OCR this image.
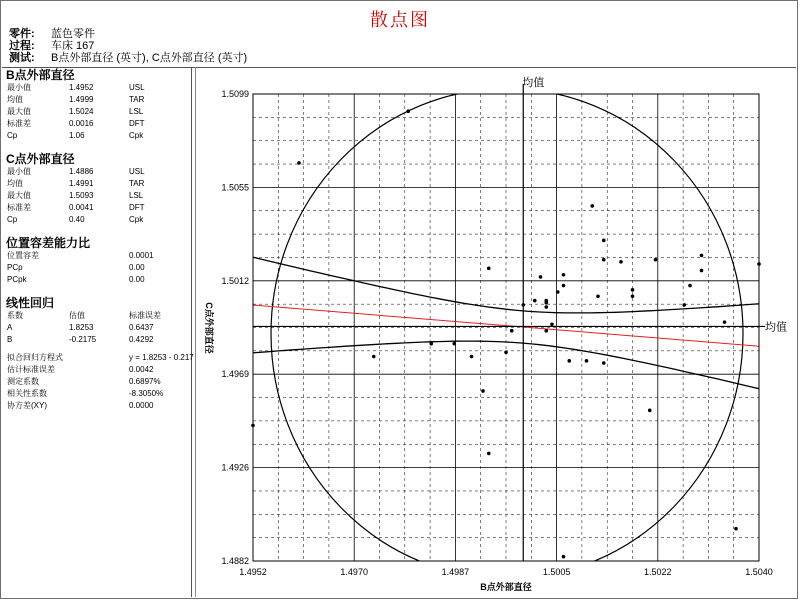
散点图
零件:	蓝色零件
过程:	车床 167
测试:	B点外部直径 (英寸), C点外部直径 (英寸)
B点外部直径
最小值	1.4952	USL
均值	1.4999	TAR
最大值	1.5024	LSL
标准差	0.0016	DFT
Cp	1.06	Cpk
C点外部直径
最小值	1.4886	USL
均值	1.4991	TAR
最大值	1.5093	LSL
标准差	0.0041	DFT
Cp	0.40	Cpk
位置容差能力比
位置容差	0.0001
PCp	0.00
PCpk	0.00
线性回归
系数	估值	标准误差
A	1.8253	0.6437
B	-0.2175	0.4292
拟合回归方程式	y = 1.8253 - 0.217
估计标准误差	0.0042
测定系数	0.6897%
相关性系数	-8.3050%
协方差(XY)	0.0000
1.4952	1.4970	1.4987	1.5005	1.5022	1.5040
1.5099
1.5055
1.5012
1.4969
1.4926
1.4882
B点外部直径
C点外部直径
均值
均值
